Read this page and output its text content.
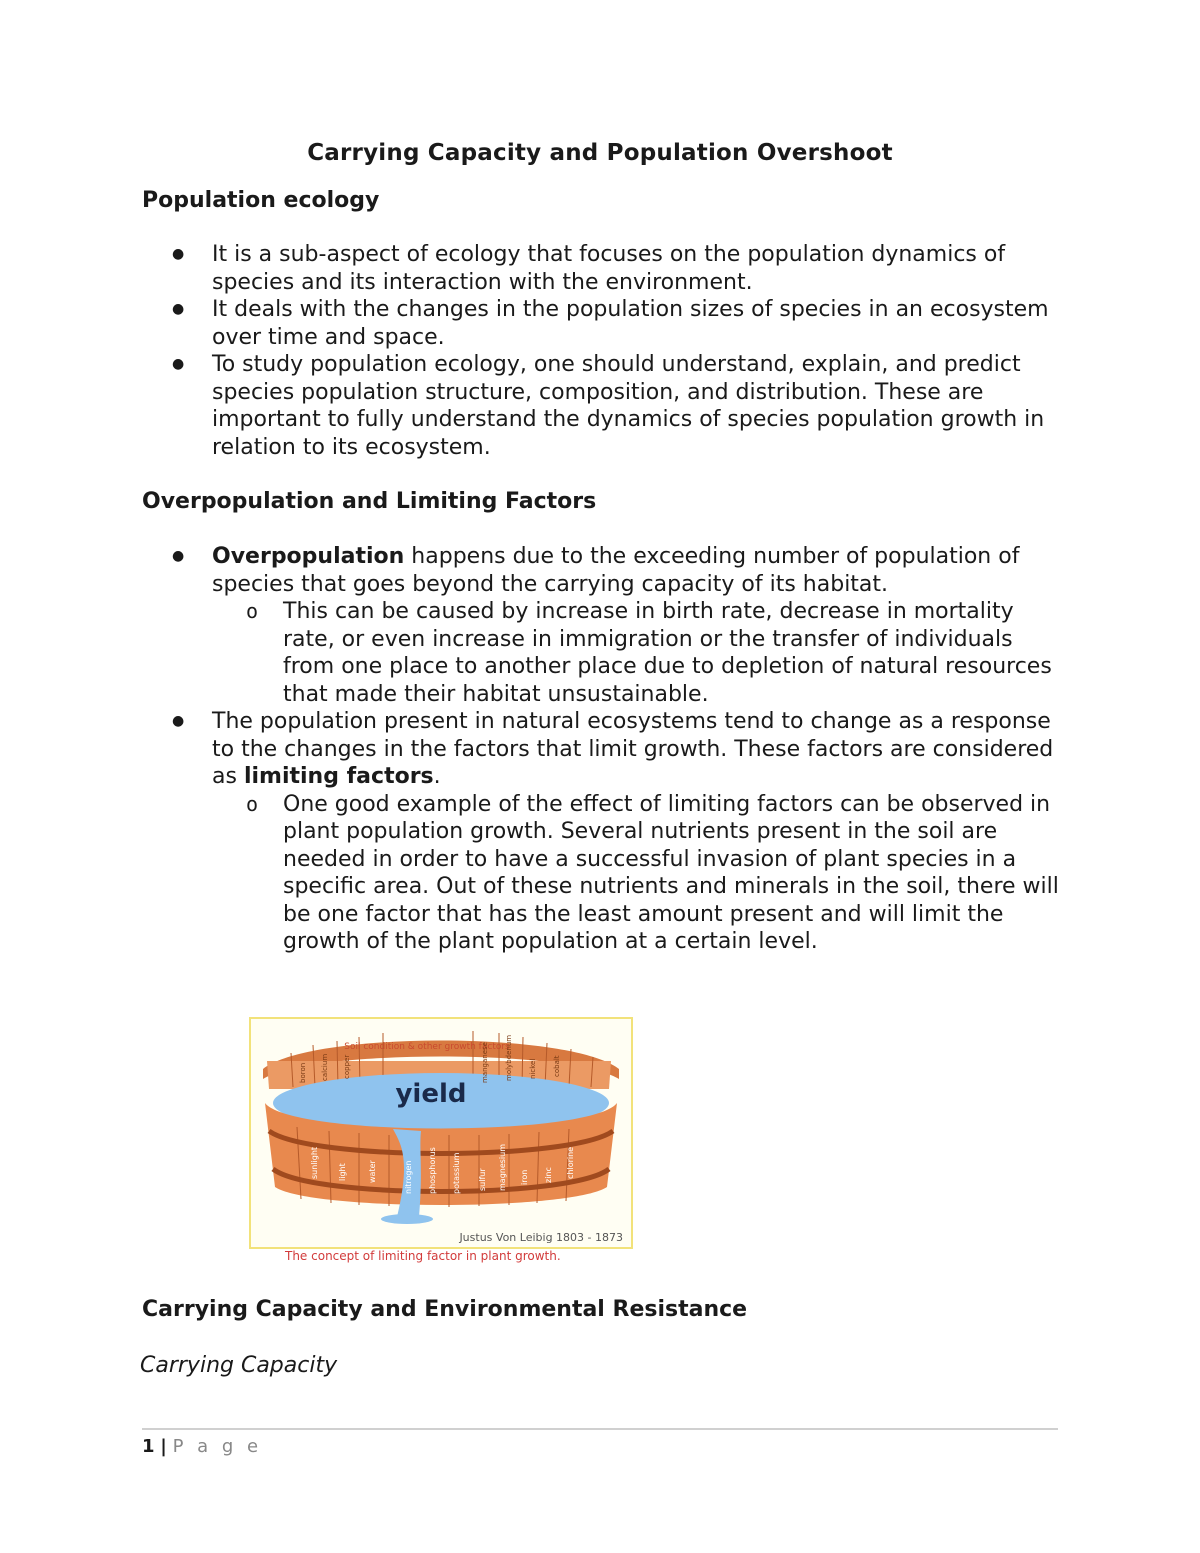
Carrying Capacity and Population Overshoot
Population ecology
● It is a sub-aspect of ecology that focuses on the population dynamics of species and its interaction with the environment.
● It deals with the changes in the population sizes of species in an ecosystem over time and space.
● To study population ecology, one should understand, explain, and predict species population structure, composition, and distribution. These are important to fully understand the dynamics of species population growth in relation to its ecosystem.
Overpopulation and Limiting Factors
● Overpopulation happens due to the exceeding number of population of species that goes beyond the carrying capacity of its habitat.
o This can be caused by increase in birth rate, decrease in mortality rate, or even increase in immigration or the transfer of individuals from one place to another place due to depletion of natural resources that made their habitat unsustainable.
● The population present in natural ecosystems tend to change as a response to the changes in the factors that limit growth. These factors are considered as limiting factors.
o One good example of the effect of limiting factors can be observed in plant population growth. Several nutrients present in the soil are needed in order to have a successful invasion of plant species in a specific area. Out of these nutrients and minerals in the soil, there will be one factor that has the least amount present and will limit the growth of the plant population at a certain level.
Soil condition & other growth factors
yield
sunlight light	water	nitrogen phosphorus potassium sulfur magnesium iron zinc chlorine
boron calcium copper	manganese molybdenum nickel cobalt
Justus Von Leibig 1803 - 1873
The concept of limiting factor in plant growth.
Carrying Capacity and Environmental Resistance
Carrying Capacity
1 | P a g e
